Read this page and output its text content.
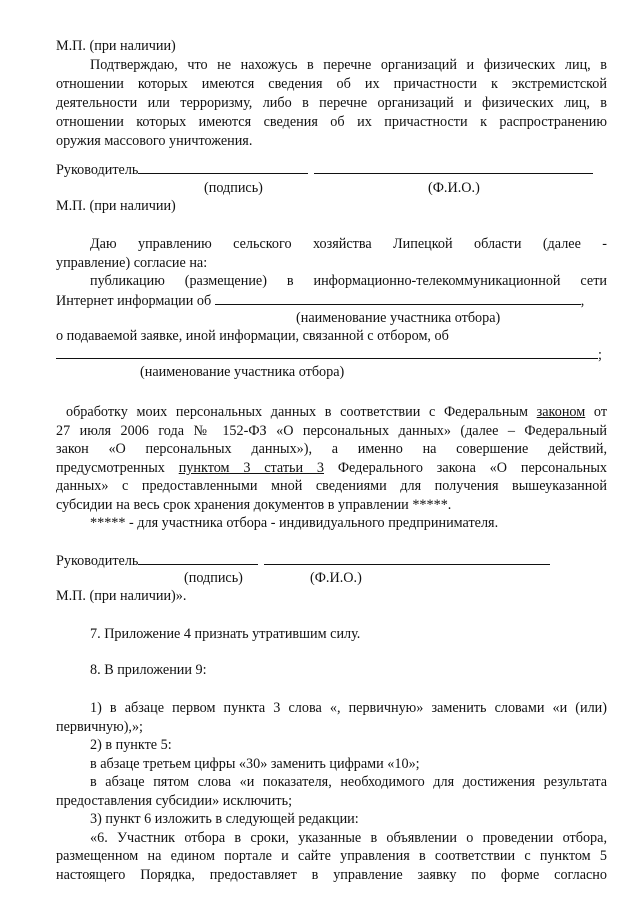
М.П. (при наличии)
Подтверждаю, что не нахожусь в перечне организаций и физических лиц, в
отношении которых имеются сведения об их причастности к экстремистской
деятельности или терроризму, либо в перечне организаций и физических лиц, в
отношении которых имеются сведения об их причастности к распространению
оружия массового уничтожения.
Руководитель
(подпись)	(Ф.И.О.)
М.П. (при наличии)
Даю управлению сельского хозяйства Липецкой области (далее -
управление) согласие на:
публикацию (размещение) в информационно-телекоммуникационной сети
Интернет информации об	,
(наименование участника отбора)
о подаваемой заявке, иной информации, связанной с отбором, об
;
(наименование участника отбора)
обработку моих персональных данных в соответствии с Федеральным законом от
27 июля 2006 года № 152-ФЗ «О персональных данных» (далее – Федеральный
закон «О персональных данных»), а именно на совершение действий,
предусмотренных пунктом 3 статьи 3 Федерального закона «О персональных
данных» с предоставленными мной сведениями для получения вышеуказанной
субсидии на весь срок хранения документов в управлении *****.
***** - для участника отбора - индивидуального предпринимателя.
Руководитель
(подпись)	(Ф.И.О.)
М.П. (при наличии)».
7. Приложение 4 признать утратившим силу.
8. В приложении 9:
1) в абзаце первом пункта 3 слова «, первичную» заменить словами «и (или)
первичную),»;
2) в пункте 5:
в абзаце третьем цифры «30» заменить цифрами «10»;
в абзаце пятом слова «и показателя, необходимого для достижения результата
предоставления субсидии» исключить;
3) пункт 6 изложить в следующей редакции:
«6. Участник отбора в сроки, указанные в объявлении о проведении отбора,
размещенном на едином портале и сайте управления в соответствии с пунктом 5
настоящего Порядка, предоставляет в управление заявку по форме согласно
